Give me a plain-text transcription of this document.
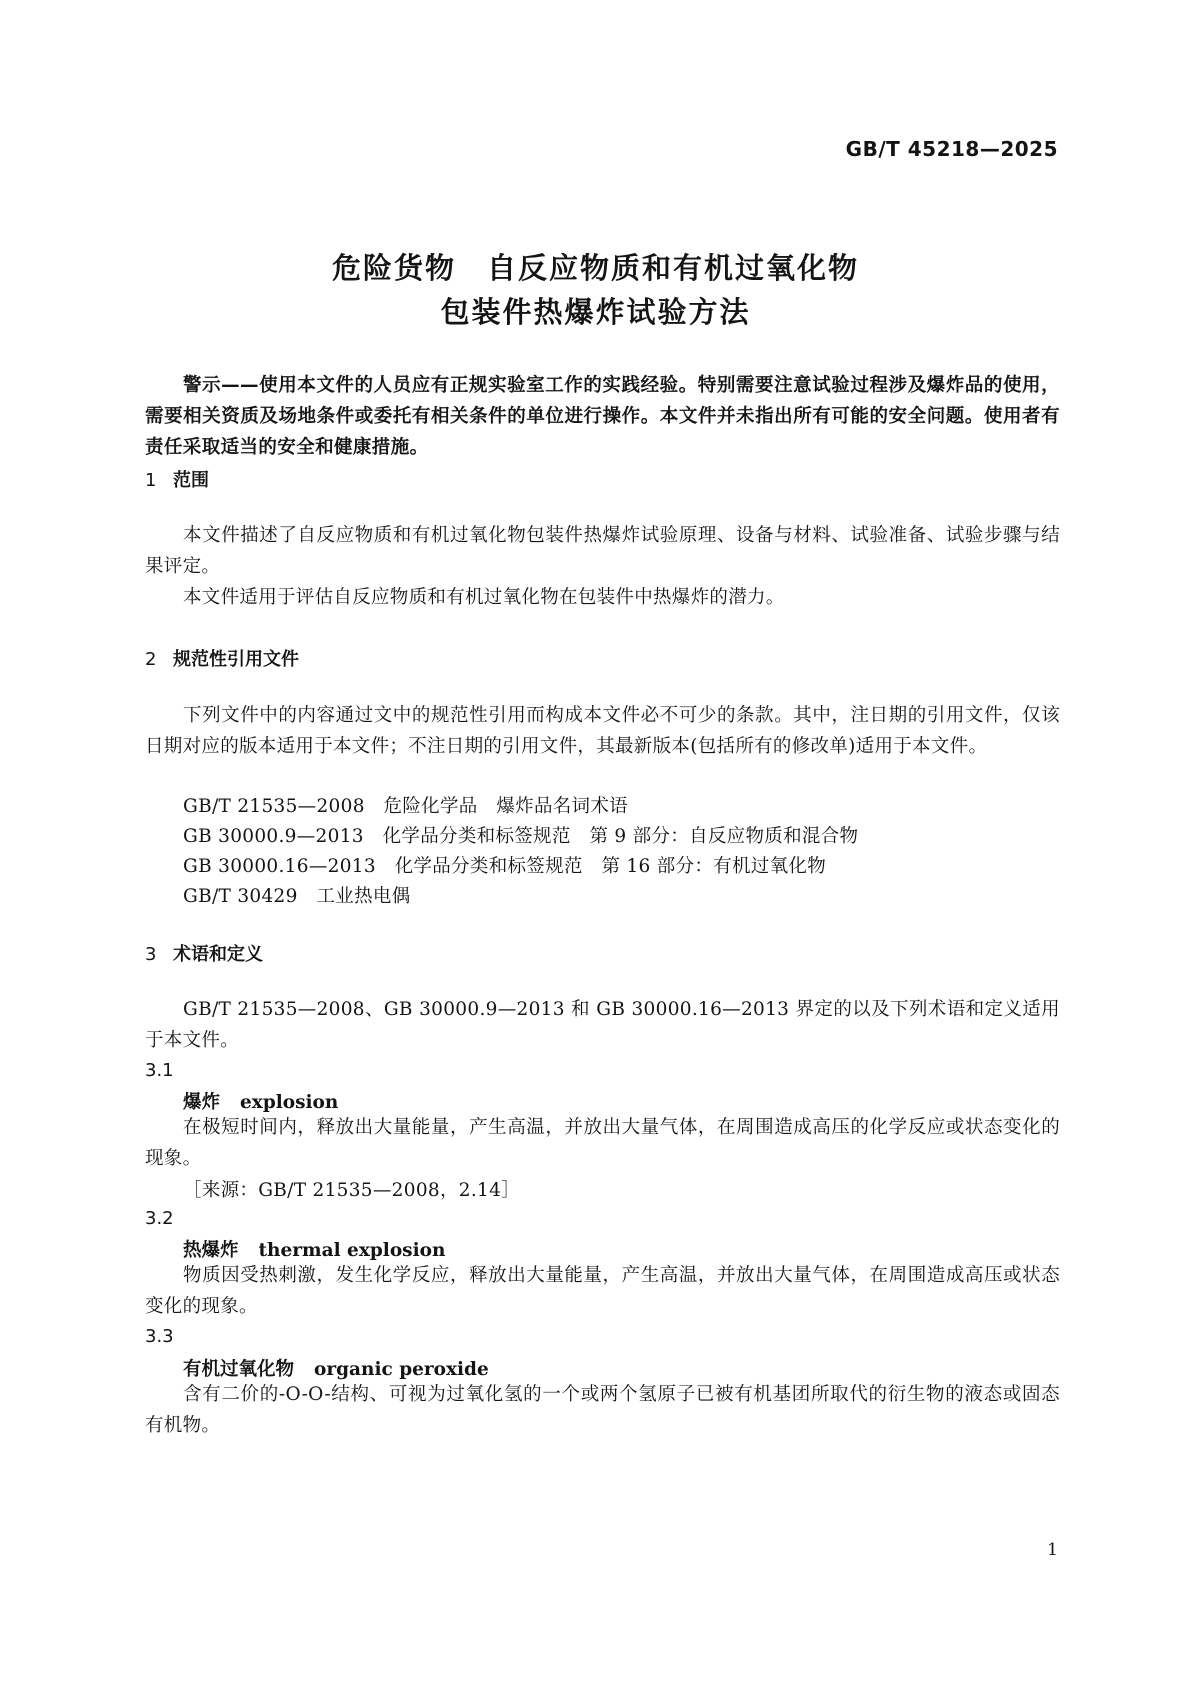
GB/T 45218—2025
危险货物　自反应物质和有机过氧化物
包装件热爆炸试验方法
警示——使用本文件的人员应有正规实验室工作的实践经验。特别需要注意试验过程涉及爆炸品的使用，需要相关资质及场地条件或委托有相关条件的单位进行操作。本文件并未指出所有可能的安全问题。使用者有责任采取适当的安全和健康措施。
1 范围
本文件描述了自反应物质和有机过氧化物包装件热爆炸试验原理、设备与材料、试验准备、试验步骤与结果评定。
本文件适用于评估自反应物质和有机过氧化物在包装件中热爆炸的潜力。
2 规范性引用文件
下列文件中的内容通过文中的规范性引用而构成本文件必不可少的条款。其中，注日期的引用文件，仅该日期对应的版本适用于本文件；不注日期的引用文件，其最新版本(包括所有的修改单)适用于本文件。
GB/T 21535—2008　危险化学品　爆炸品名词术语
GB 30000.9—2013　化学品分类和标签规范　第 9 部分：自反应物质和混合物
GB 30000.16—2013　化学品分类和标签规范　第 16 部分：有机过氧化物
GB/T 30429　工业热电偶
3 术语和定义
GB/T 21535—2008、GB 30000.9—2013 和 GB 30000.16—2013 界定的以及下列术语和定义适用于本文件。
3.1
爆炸 explosion
在极短时间内，释放出大量能量，产生高温，并放出大量气体，在周围造成高压的化学反应或状态变化的现象。
［来源：GB/T 21535—2008，2.14］
3.2
热爆炸 thermal explosion
物质因受热刺激，发生化学反应，释放出大量能量，产生高温，并放出大量气体，在周围造成高压或状态变化的现象。
3.3
有机过氧化物 organic peroxide
含有二价的-O-O-结构、可视为过氧化氢的一个或两个氢原子已被有机基团所取代的衍生物的液态或固态有机物。
1
